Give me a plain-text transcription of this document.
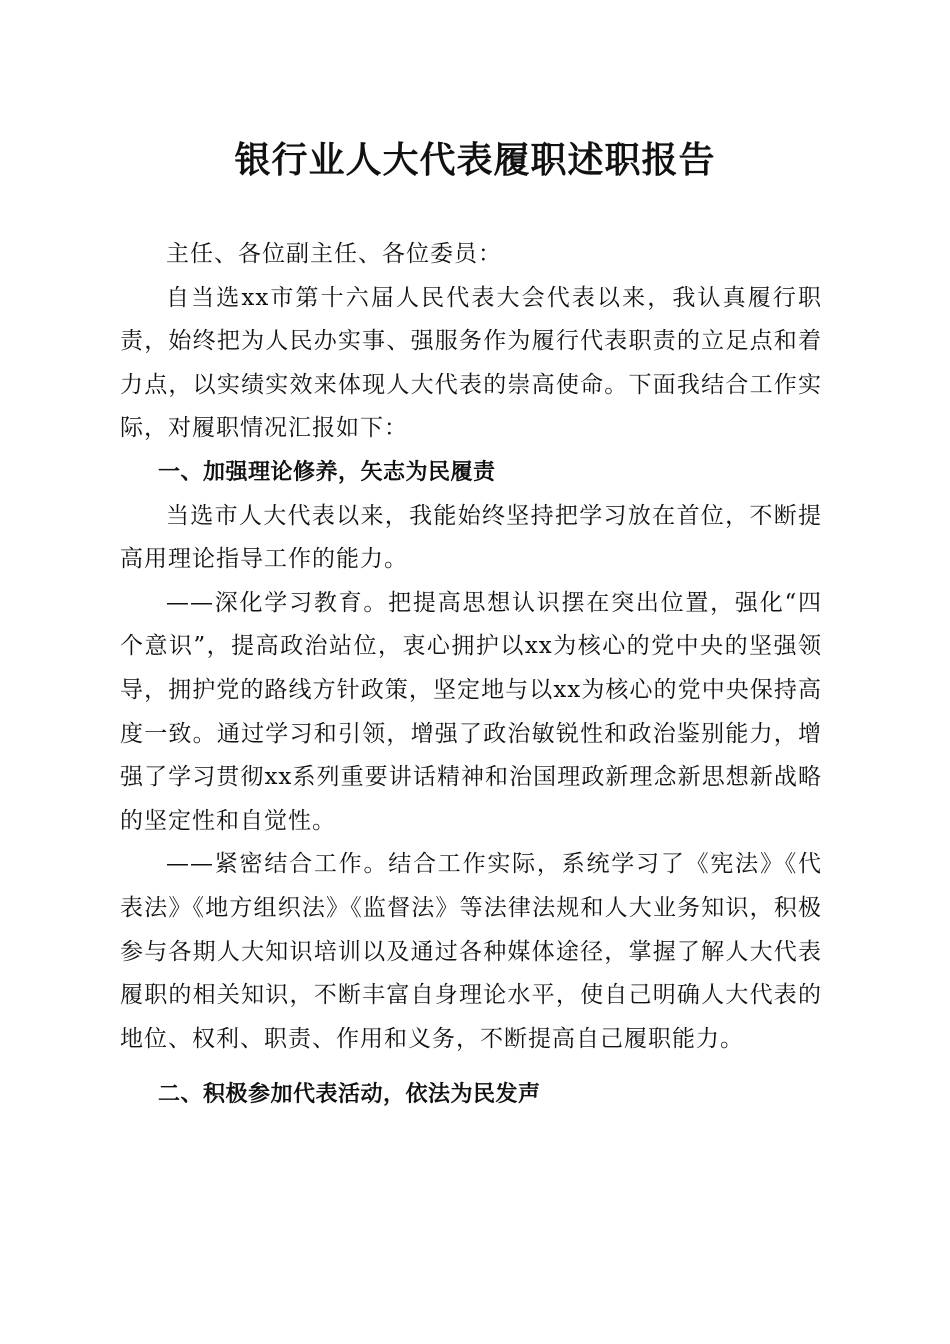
银行业人大代表履职述职报告

主任、各位副主任、各位委员：

自当选xx市第十六届人民代表大会代表以来，我认真履行职责，始终把为人民办实事、强服务作为履行代表职责的立足点和着力点，以实绩实效来体现人大代表的崇高使命。下面我结合工作实际，对履职情况汇报如下：

一、加强理论修养，矢志为民履责

当选市人大代表以来，我能始终坚持把学习放在首位，不断提高用理论指导工作的能力。

——深化学习教育。把提高思想认识摆在突出位置，强化“四个意识”，提高政治站位，衷心拥护以xx为核心的党中央的坚强领导，拥护党的路线方针政策，坚定地与以xx为核心的党中央保持高度一致。通过学习和引领，增强了政治敏锐性和政治鉴别能力，增强了学习贯彻xx系列重要讲话精神和治国理政新理念新思想新战略的坚定性和自觉性。

——紧密结合工作。结合工作实际，系统学习了《宪法》《代表法》《地方组织法》《监督法》等法律法规和人大业务知识，积极参与各期人大知识培训以及通过各种媒体途径，掌握了解人大代表履职的相关知识，不断丰富自身理论水平，使自己明确人大代表的地位、权利、职责、作用和义务，不断提高自己履职能力。

二、积极参加代表活动，依法为民发声
